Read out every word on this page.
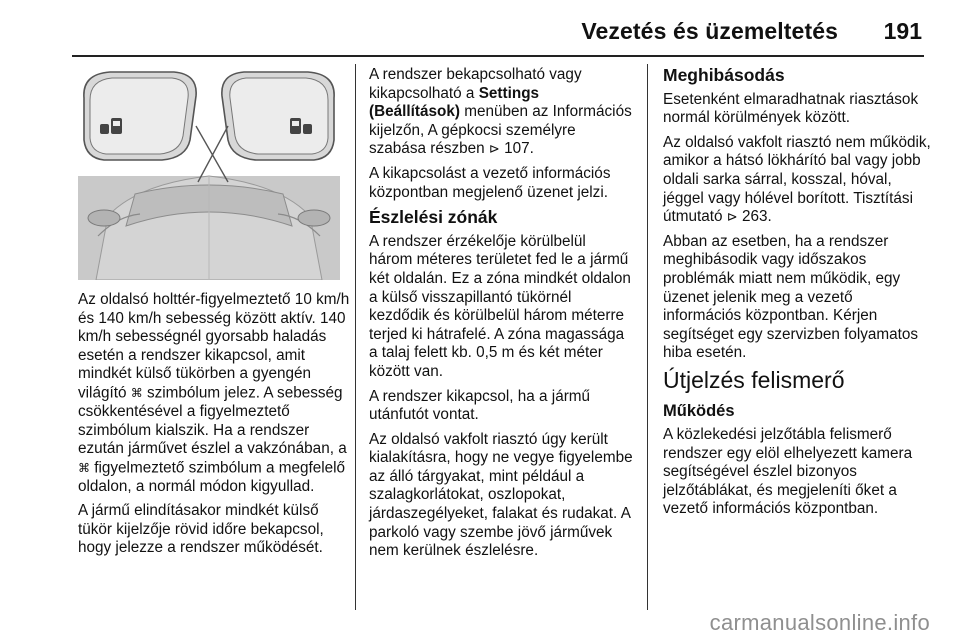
Vezetés és üzemeltetés 191

Az oldalsó holttér-figyelmeztető 10 km/h és 140 km/h sebesség között aktív. 140 km/h sebességnél gyorsabb haladás esetén a rendszer kikapcsol, amit mindkét külső tükörben a gyengén világító ⌘ szimbólum jelez. A sebesség csökkentésével a figyelmeztető szimbólum kialszik. Ha a rendszer ezután járművet észlel a vakzónában, a ⌘ figyelmeztető szimbólum a megfelelő oldalon, a normál módon kigyullad.

A jármű elindításakor mindkét külső tükör kijelzője rövid időre bekapcsol, hogy jelezze a rendszer működését.

A rendszer bekapcsolható vagy kikapcsolható a Settings (Beállítások) menüben az Információs kijelzőn, A gépkocsi személyre szabása részben ⊳ 107.

A kikapcsolást a vezető információs központban megjelenő üzenet jelzi.

Észlelési zónák

A rendszer érzékelője körülbelül három méteres területet fed le a jármű két oldalán. Ez a zóna mindkét oldalon a külső visszapillantó tükörnél kezdődik és körülbelül három méterre terjed ki hátrafelé. A zóna magassága a talaj felett kb. 0,5 m és két méter között van.

A rendszer kikapcsol, ha a jármű utánfutót vontat.

Az oldalsó vakfolt riasztó úgy került kialakításra, hogy ne vegye figyelembe az álló tárgyakat, mint például a szalagkorlátokat, oszlopokat, járdaszegélyeket, falakat és rudakat. A parkoló vagy szembe jövő járművek nem kerülnek észlelésre.

Meghibásodás

Esetenként elmaradhatnak riasztások normál körülmények között.

Az oldalsó vakfolt riasztó nem működik, amikor a hátsó lökhárító bal vagy jobb oldali sarka sárral, kosszal, hóval, jéggel vagy hólével borított. Tisztítási útmutató ⊳ 263.

Abban az esetben, ha a rendszer meghibásodik vagy időszakos problémák miatt nem működik, egy üzenet jelenik meg a vezető információs központban. Kérjen segítséget egy szervizben folyamatos hiba esetén.

Útjelzés felismerő
Működés

A közlekedési jelzőtábla felismerő rendszer egy elöl elhelyezett kamera segítségével észlel bizonyos jelzőtáblákat, és megjeleníti őket a vezető információs központban.

carmanualsonline.info
